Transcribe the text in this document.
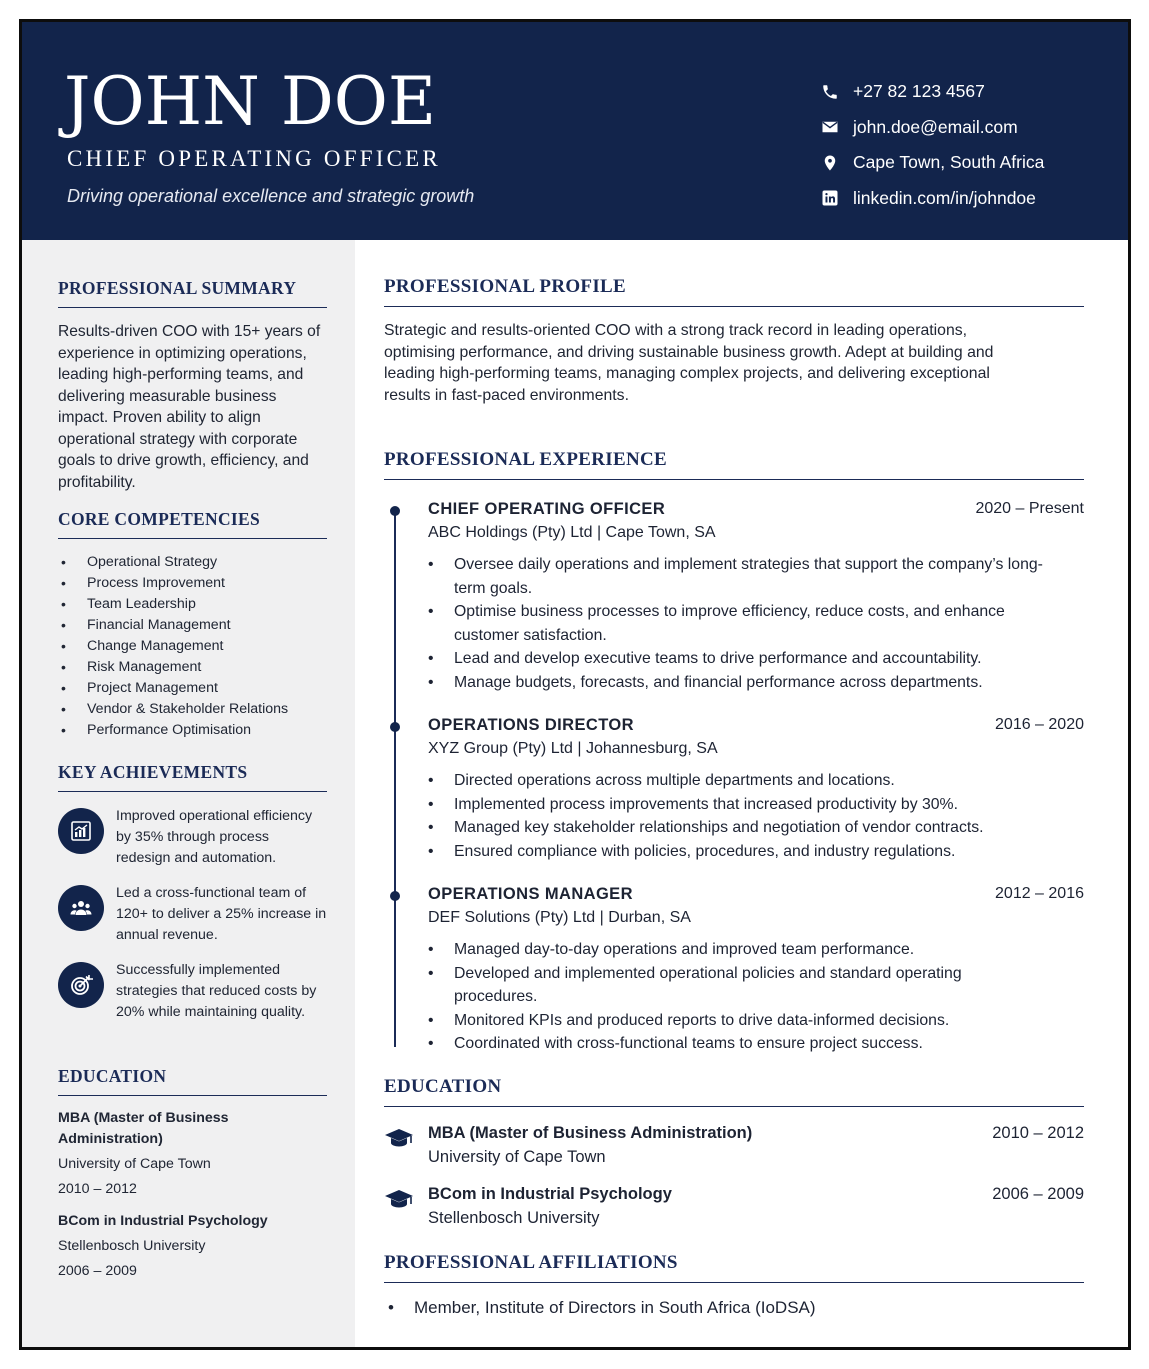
JOHN DOE
CHIEF OPERATING OFFICER
Driving operational excellence and strategic growth
+27 82 123 4567
john.doe@email.com
Cape Town, South Africa
linkedin.com/in/johndoe
PROFESSIONAL SUMMARY
Results-driven COO with 15+ years of experience in optimizing operations, leading high-performing teams, and delivering measurable business impact. Proven ability to align operational strategy with corporate goals to drive growth, efficiency, and profitability.
CORE COMPETENCIES
• Operational Strategy
• Process Improvement
• Team Leadership
• Financial Management
• Change Management
• Risk Management
• Project Management
• Vendor & Stakeholder Relations
• Performance Optimisation
KEY ACHIEVEMENTS
Improved operational efficiency by 35% through process redesign and automation.
Led a cross-functional team of 120+ to deliver a 25% increase in annual revenue.
Successfully implemented strategies that reduced costs by 20% while maintaining quality.
EDUCATION
MBA (Master of Business Administration)
University of Cape Town
2010 – 2012
BCom in Industrial Psychology
Stellenbosch University
2006 – 2009
PROFESSIONAL PROFILE
Strategic and results-oriented COO with a strong track record in leading operations, optimising performance, and driving sustainable business growth. Adept at building and leading high-performing teams, managing complex projects, and delivering exceptional results in fast-paced environments.
PROFESSIONAL EXPERIENCE
CHIEF OPERATING OFFICER	2020 – Present
ABC Holdings (Pty) Ltd | Cape Town, SA
• Oversee daily operations and implement strategies that support the company’s long-term goals.
• Optimise business processes to improve efficiency, reduce costs, and enhance customer satisfaction.
• Lead and develop executive teams to drive performance and accountability.
• Manage budgets, forecasts, and financial performance across departments.
OPERATIONS DIRECTOR	2016 – 2020
XYZ Group (Pty) Ltd | Johannesburg, SA
• Directed operations across multiple departments and locations.
• Implemented process improvements that increased productivity by 30%.
• Managed key stakeholder relationships and negotiation of vendor contracts.
• Ensured compliance with policies, procedures, and industry regulations.
OPERATIONS MANAGER	2012 – 2016
DEF Solutions (Pty) Ltd | Durban, SA
• Managed day-to-day operations and improved team performance.
• Developed and implemented operational policies and standard operating procedures.
• Monitored KPIs and produced reports to drive data-informed decisions.
• Coordinated with cross-functional teams to ensure project success.
EDUCATION
MBA (Master of Business Administration)
University of Cape Town
2010 – 2012
BCom in Industrial Psychology
Stellenbosch University
2006 – 2009
PROFESSIONAL AFFILIATIONS
• Member, Institute of Directors in South Africa (IoDSA)
